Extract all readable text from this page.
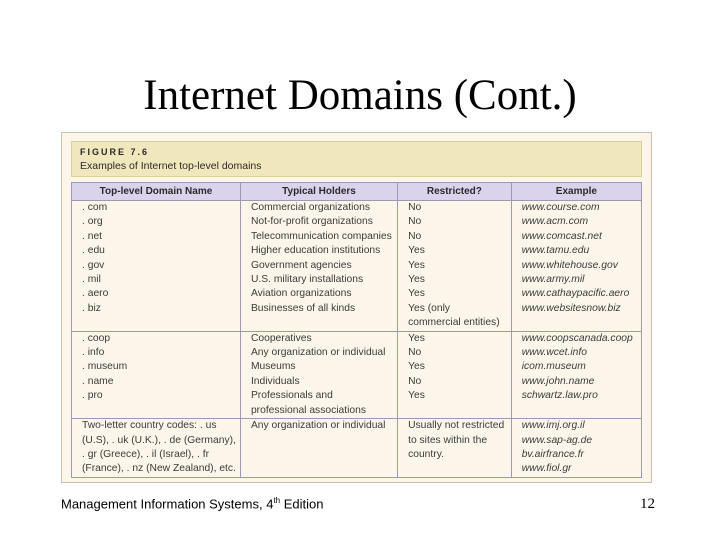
Internet Domains (Cont.)
FIGURE 7.6
Examples of Internet top-level domains
Top-level Domain Name	Typical Holders	Restricted?	Example
. com	Commercial organizations	No	www.course.com
. org	Not-for-profit organizations	No	www.acm.com
. net	Telecommunication companies	No	www.comcast.net
. edu	Higher education institutions	Yes	www.tamu.edu
. gov	Government agencies	Yes	www.whitehouse.gov
. mil	U.S. military installations	Yes	www.army.mil
. aero	Aviation organizations	Yes	www.cathaypacific.aero
. biz	Businesses of all kinds	Yes (only	www.websitesnow.biz
		commercial entities)	
. coop	Cooperatives	Yes	www.coopscanada.coop
. info	Any organization or individual	No	www.wcet.info
. museum	Museums	Yes	icom.museum
. name	Individuals	No	www.john.name
. pro	Professionals and	Yes	schwartz.law.pro
	professional associations		
Two-letter country codes: . us	Any organization or individual	Usually not restricted	www.imj.org.il
(U.S), . uk (U.K.), . de (Germany),		to sites within the	www.sap-ag.de
. gr (Greece), . il (Israel), . fr		country.	bv.airfrance.fr
(France), . nz (New Zealand), etc.			www.fiol.gr
Management Information Systems, 4th Edition	12
